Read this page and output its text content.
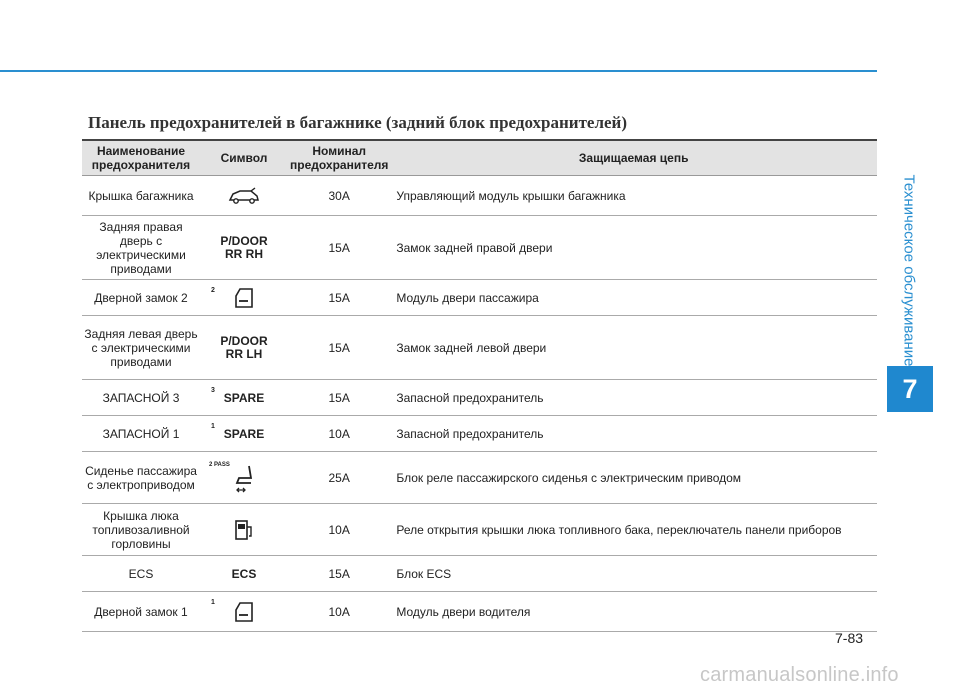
Техническое обслуживание
7
Панель предохранителей в багажнике (задний блок предохранителей)
Наименование предохранителя	Символ	Номинал предохранителя	Защищаемая цепь
Крышка багажника		30A	Управляющий модуль крышки багажника
Задняя правая дверь с электрическими приводами	P/DOOR RR RH	15A	Замок задней правой двери
Дверной замок 2	2	15A	Модуль двери пассажира
Задняя левая дверь с электрическими приводами	P/DOOR RR LH	15A	Замок задней левой двери
ЗАПАСНОЙ 3	3 SPARE	15A	Запасной предохранитель
ЗАПАСНОЙ 1	1 SPARE	10A	Запасной предохранитель
Сиденье пассажира с электроприводом	2 PASS	25A	Блок реле пассажирского сиденья с электрическим приводом
Крышка люка топливозаливной горловины		10A	Реле открытия крышки люка топливного бака, переключатель панели приборов
ECS	ECS	15A	Блок ECS
Дверной замок 1	1	10A	Модуль двери водителя
7-83
carmanualsonline.info
